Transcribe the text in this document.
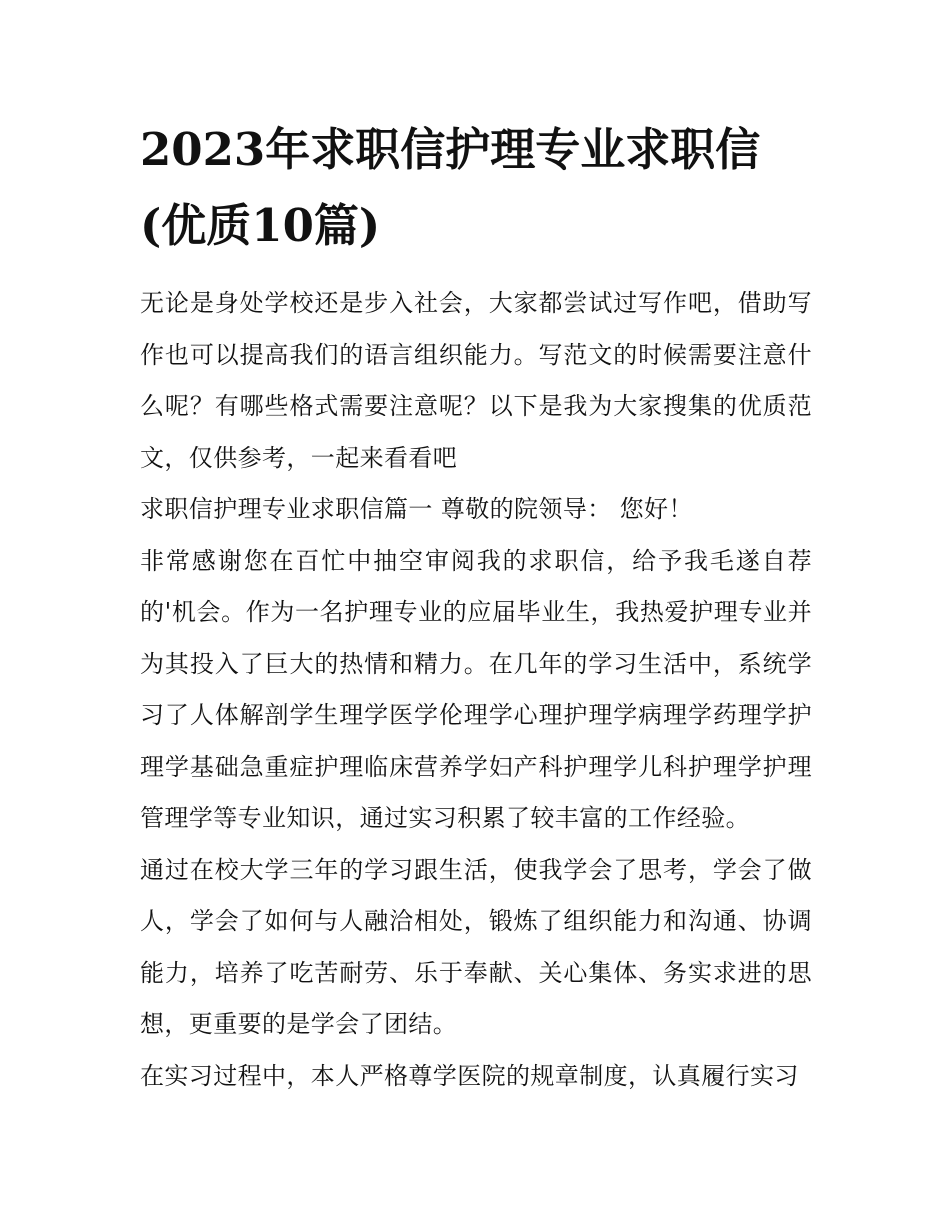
2023年求职信护理专业求职信(优质10篇)

无论是身处学校还是步入社会，大家都尝试过写作吧，借助写作也可以提高我们的语言组织能力。写范文的时候需要注意什么呢？有哪些格式需要注意呢？以下是我为大家搜集的优质范文，仅供参考，一起来看看吧

求职信护理专业求职信篇一 尊敬的院领导： 您好！

非常感谢您在百忙中抽空审阅我的求职信，给予我毛遂自荐的'机会。作为一名护理专业的应届毕业生，我热爱护理专业并为其投入了巨大的热情和精力。在几年的学习生活中，系统学习了人体解剖学生理学医学伦理学心理护理学病理学药理学护理学基础急重症护理临床营养学妇产科护理学儿科护理学护理管理学等专业知识，通过实习积累了较丰富的工作经验。

通过在校大学三年的学习跟生活，使我学会了思考，学会了做人，学会了如何与人融洽相处，锻炼了组织能力和沟通、协调能力，培养了吃苦耐劳、乐于奉献、关心集体、务实求进的思想，更重要的是学会了团结。

在实习过程中，本人严格尊学医院的规章制度，认真履行实习
